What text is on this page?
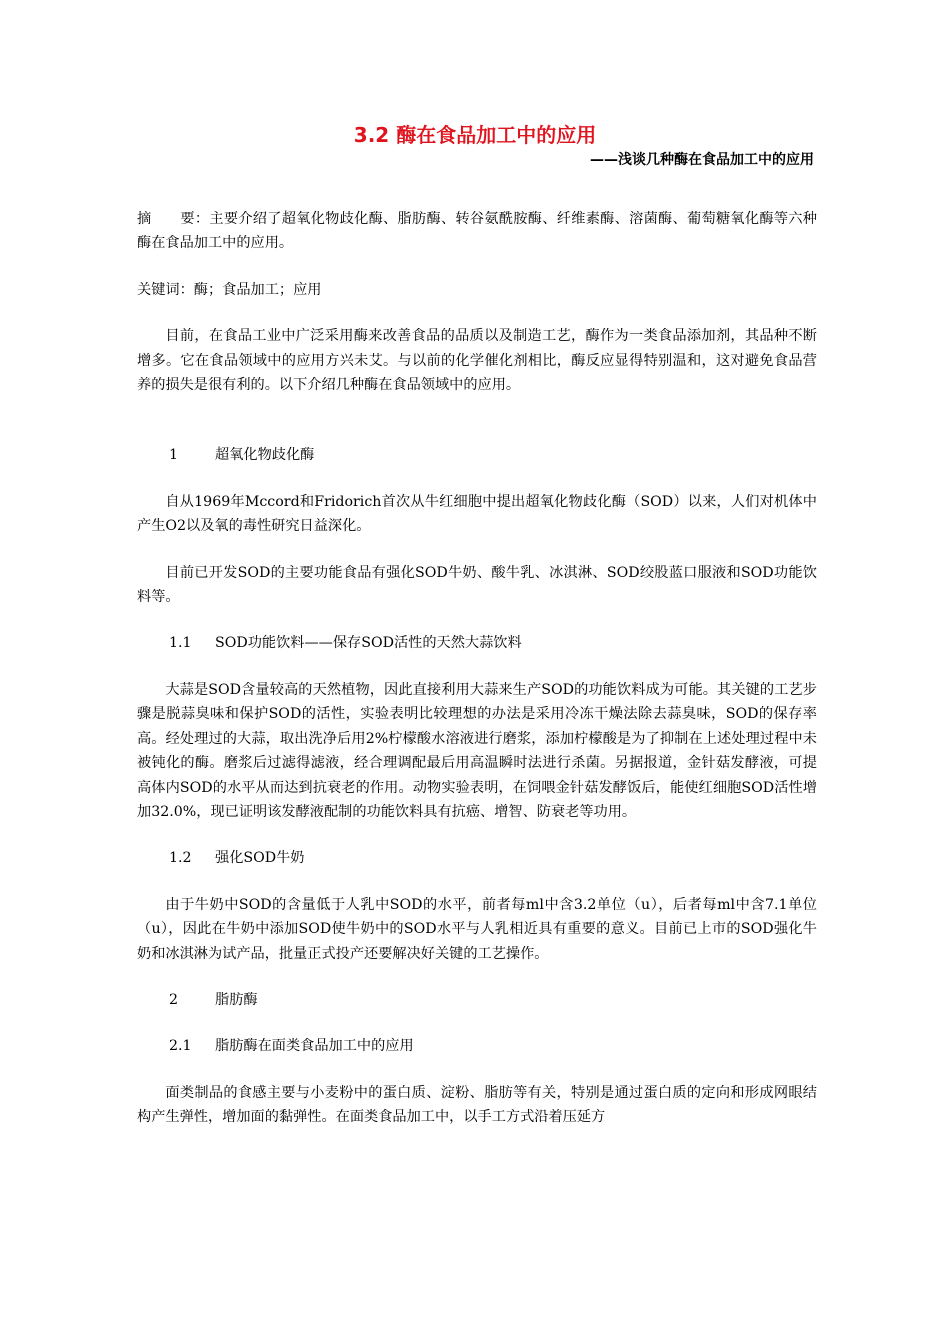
3.2 酶在食品加工中的应用

——浅谈几种酶在食品加工中的应用

摘　　要：主要介绍了超氧化物歧化酶、脂肪酶、转谷氨酰胺酶、纤维素酶、溶菌酶、葡萄糖氧化酶等六种酶在食品加工中的应用。

关键词：酶；食品加工；应用

目前，在食品工业中广泛采用酶来改善食品的品质以及制造工艺，酶作为一类食品添加剂，其品种不断增多。它在食品领域中的应用方兴未艾。与以前的化学催化剂相比，酶反应显得特别温和，这对避免食品营养的损失是很有利的。以下介绍几种酶在食品领域中的应用。

1	超氧化物歧化酶

自从1969年Mccord和Fridorich首次从牛红细胞中提出超氧化物歧化酶（SOD）以来，人们对机体中产生O2以及氧的毒性研究日益深化。

目前已开发SOD的主要功能食品有强化SOD牛奶、酸牛乳、冰淇淋、SOD绞股蓝口服液和SOD功能饮料等。

1.1 SOD功能饮料——保存SOD活性的天然大蒜饮料

大蒜是SOD含量较高的天然植物，因此直接利用大蒜来生产SOD的功能饮料成为可能。其关键的工艺步骤是脱蒜臭味和保护SOD的活性，实验表明比较理想的办法是采用冷冻干燥法除去蒜臭味，SOD的保存率高。经处理过的大蒜，取出洗净后用2%柠檬酸水溶液进行磨浆，添加柠檬酸是为了抑制在上述处理过程中未被钝化的酶。磨浆后过滤得滤液，经合理调配最后用高温瞬时法进行杀菌。另据报道，金针菇发酵液，可提高体内SOD的水平从而达到抗衰老的作用。动物实验表明，在饲喂金针菇发酵饭后，能使红细胞SOD活性增加32.0%，现已证明该发酵液配制的功能饮料具有抗癌、增智、防衰老等功用。

1.2 强化SOD牛奶

由于牛奶中SOD的含量低于人乳中SOD的水平，前者每ml中含3.2单位（u），后者每ml中含7.1单位（u），因此在牛奶中添加SOD使牛奶中的SOD水平与人乳相近具有重要的意义。目前已上市的SOD强化牛奶和冰淇淋为试产品，批量正式投产还要解决好关键的工艺操作。

2	脂肪酶

2.1 脂肪酶在面类食品加工中的应用

面类制品的食感主要与小麦粉中的蛋白质、淀粉、脂肪等有关，特别是通过蛋白质的定向和形成网眼结构产生弹性，增加面的黏弹性。在面类食品加工中，以手工方式沿着压延方
